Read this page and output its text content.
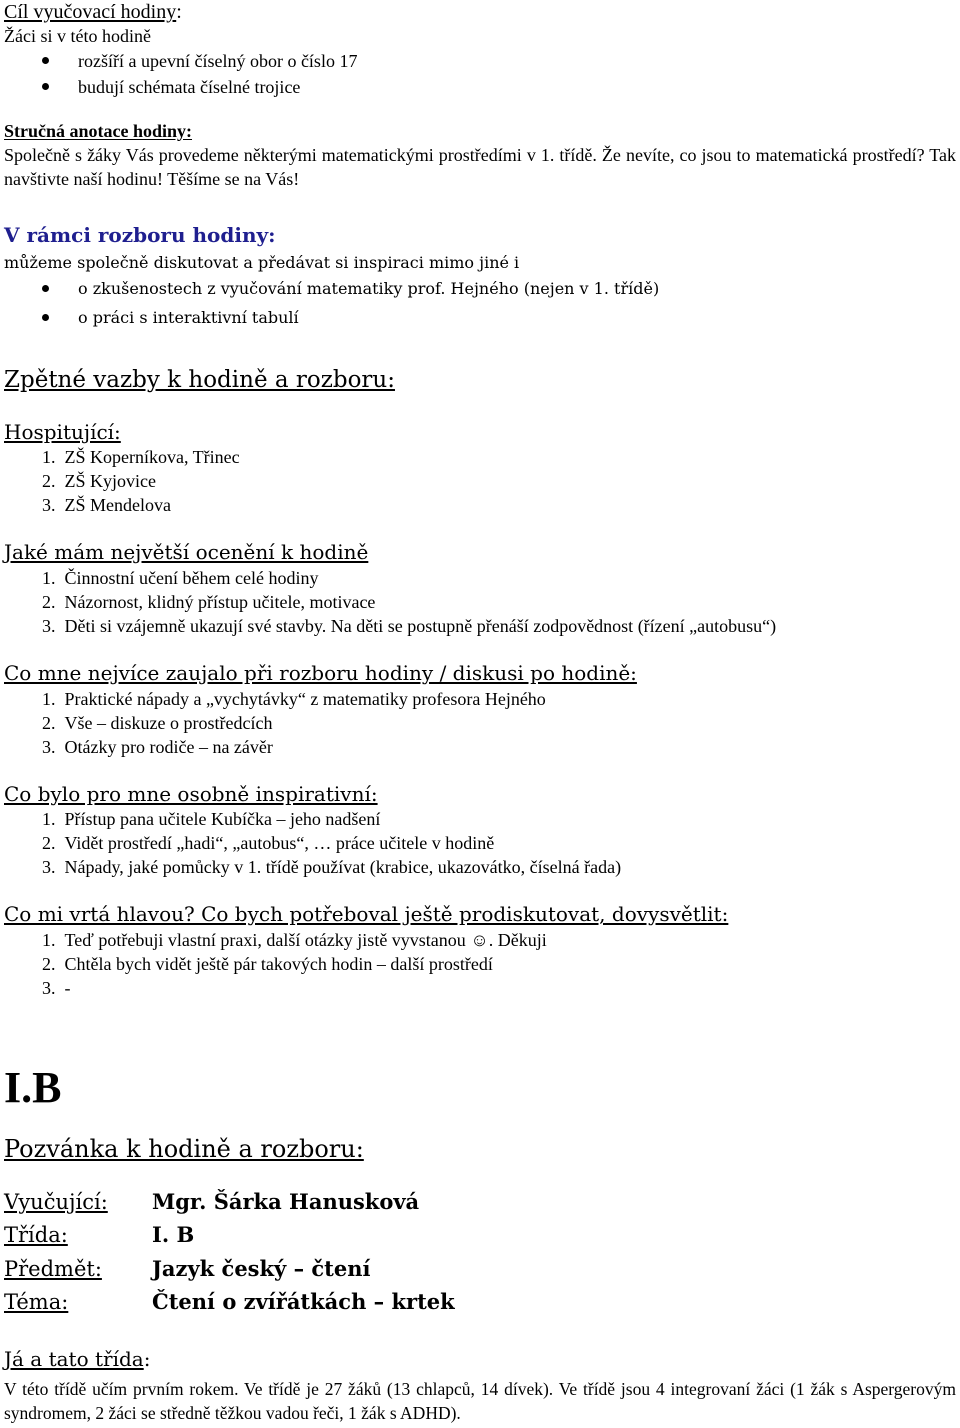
Cíl vyučovací hodiny:
Žáci si v této hodině
rozšíří a upevní číselný obor o číslo 17
budují schémata číselné trojice
Stručná anotace hodiny:
Společně s žáky Vás provedeme některými matematickými prostředími v 1. třídě. Že nevíte, co jsou to matematická prostředí? Tak navštivte naší hodinu! Těšíme se na Vás!
V rámci rozboru hodiny:
můžeme společně diskutovat a předávat si inspiraci mimo jiné i
o zkušenostech z vyučování matematiky prof. Hejného (nejen v 1. třídě)
o práci s interaktivní tabulí
Zpětné vazby k hodině a rozboru:
Hospitující:
1.  ZŠ Koperníkova, Třinec
2.  ZŠ Kyjovice
3.  ZŠ Mendelova
Jaké mám největší ocenění k hodině
1.  Činnostní učení během celé hodiny
2.  Názornost, klidný přístup učitele, motivace
3.  Děti si vzájemně ukazují své stavby. Na děti se postupně přenáší zodpovědnost (řízení „autobusu“)
Co mne nejvíce zaujalo při rozboru hodiny / diskusi po hodině:
1.  Praktické nápady a „vychytávky“ z matematiky profesora Hejného
2.  Vše – diskuze o prostředcích
3.  Otázky pro rodiče – na závěr
Co bylo pro mne osobně inspirativní:
1.  Přístup pana učitele Kubíčka – jeho nadšení
2.  Vidět prostředí „hadi“, „autobus“, … práce učitele v hodině
3.  Nápady, jaké pomůcky v 1. třídě používat (krabice, ukazovátko, číselná řada)
Co mi vrtá hlavou? Co bych potřeboval ještě prodiskutovat, dovysvětlit:
1.  Teď potřebuji vlastní praxi, další otázky jistě vyvstanou ☺. Děkuji
2.  Chtěla bych vidět ještě pár takových hodin – další prostředí
3.  -
I.B
Pozvánka k hodině a rozboru:
Vyučující: Mgr. Šárka Hanusková
Třída:	I. B
Předmět: Jazyk český – čtení
Téma:	Čtení o zvířátkách – krtek
Já a tato třída:
V této třídě učím prvním rokem. Ve třídě je 27 žáků (13 chlapců, 14 dívek). Ve třídě jsou 4 integrovaní žáci (1 žák s Aspergerovým syndromem, 2 žáci se středně těžkou vadou řeči, 1 žák s ADHD).
